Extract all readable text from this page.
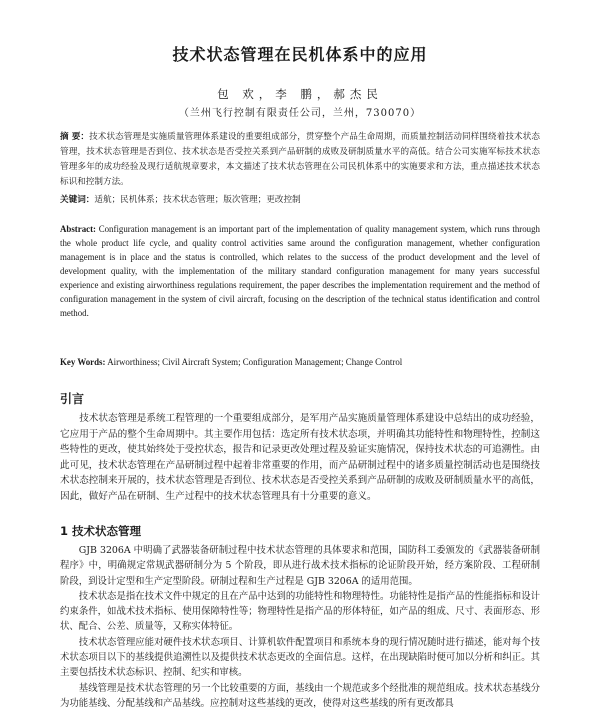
技术状态管理在民机体系中的应用
包 欢，李 鹏，郝杰民
（兰州飞行控制有限责任公司，兰州，730070）
摘 要：技术状态管理是实施质量管理体系建设的重要组成部分，贯穿整个产品生命周期，而质量控制活动同样围绕着技术状态管理，技术状态管理是否到位、技术状态是否受控关系到产品研制的成败及研制质量水平的高低。结合公司实施军标技术状态管理多年的成功经验及现行适航规章要求，本文描述了技术状态管理在公司民机体系中的实施要求和方法，重点描述技术状态标识和控制方法。
关键词：适航；民机体系；技术状态管理；版次管理；更改控制
Abstract: Configuration management is an important part of the implementation of quality management system, which runs through the whole product life cycle, and quality control activities same around the configuration management, whether configuration management is in place and the status is controlled, which relates to the success of the product development and the level of development quality, with the implementation of the military standard configuration management for many years successful experience and existing airworthiness regulations requirement, the paper describes the implementation requirement and the method of configuration management in the system of civil aircraft, focusing on the description of the technical status identification and control method.
Key Words: Airworthiness; Civil Aircraft System; Configuration Management; Change Control
引言

技术状态管理是系统工程管理的一个重要组成部分，是军用产品实施质量管理体系建设中总结出的成功经验，它应用于产品的整个生命周期中。其主要作用包括：选定所有技术状态项，并明确其功能特性和物理特性，控制这些特性的更改，使其始终处于受控状态，报告和记录更改处理过程及验证实施情况，保持技术状态的可追溯性。由此可见，技术状态管理在产品研制过程中起着非常重要的作用，而产品研制过程中的诸多质量控制活动也是围绕技术状态控制来开展的，技术状态管理是否到位、技术状态是否受控关系到产品研制的成败及研制质量水平的高低，因此，做好产品在研制、生产过程中的技术状态管理具有十分重要的意义。

1 技术状态管理

GJB 3206A 中明确了武器装备研制过程中技术状态管理的具体要求和范围，国防科工委颁发的《武器装备研制程序》中，明确规定常规武器研制分为 5 个阶段，即从进行战术技术指标的论证阶段开始，经方案阶段、工程研制阶段，到设计定型和生产定型阶段。研制过程和生产过程是 GJB 3206A 的适用范围。

技术状态是指在技术文件中规定的且在产品中达到的功能特性和物理特性。功能特性是指产品的性能指标和设计约束条件，如战术技术指标、使用保障特性等；物理特性是指产品的形体特征，如产品的组成、尺寸、表面形态、形状、配合、公差、质量等，又称实体特征。

技术状态管理应能对硬件技术状态项目、计算机软件配置项目和系统本身的现行情况随时进行描述，能对每个技术状态项目以下的基线提供追溯性以及提供技术状态更改的全面信息。这样，在出现缺陷时便可加以分析和纠正。其主要包括技术状态标识、控制、纪实和审核。

基线管理是技术状态管理的另一个比较重要的方面，基线由一个规范或多个经批准的规范组成。技术状态基线分为功能基线、分配基线和产品基线。应控制对这些基线的更改，使得对这些基线的所有更改都具
